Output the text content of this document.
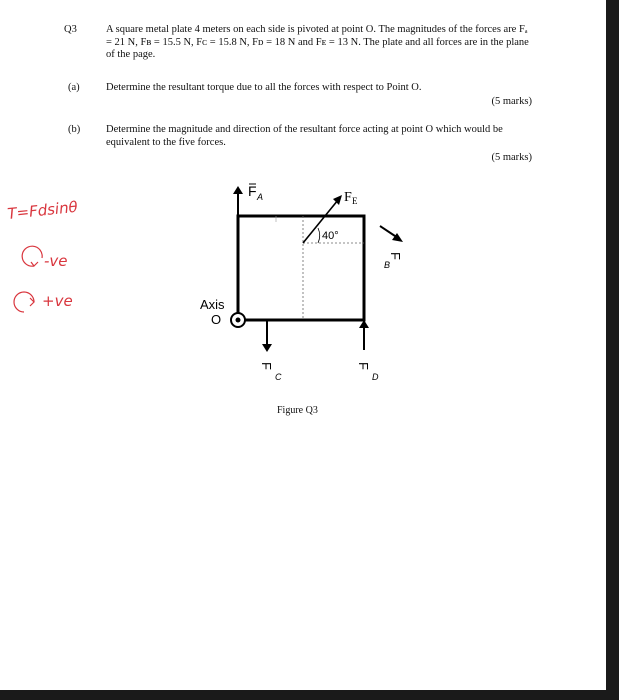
Q3	A square metal plate 4 meters on each side is pivoted at point O. The magnitudes of the forces are Fₐ = 21 N, Fʙ = 15.5 N, Fᴄ = 15.8 N, Fᴅ = 18 N and Fᴇ = 13 N. The plate and all forces are in the plane of the page.
(a)	Determine the resultant torque due to all the forces with respect to Point O.
(5 marks)
(b) Determine the magnitude and direction of the resultant force acting at point O which would be equivalent to the five forces.
(5 marks)
F A	F E
40°
F
B
F
C
F
D
Axis
O
T=Fdsinθ
-ve
+ve
Figure Q3
